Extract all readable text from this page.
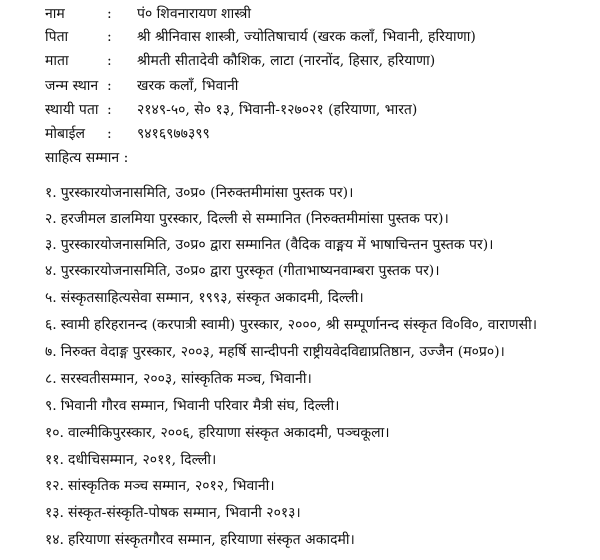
नाम	: पं० शिवनारायण शास्त्री
पिता	: श्री श्रीनिवास शास्त्री, ज्योतिषाचार्य (खरक कलाँ, भिवानी, हरियाणा)
माता	: श्रीमती सीतादेवी कौशिक, लाटा (नारनोंद, हिसार, हरियाणा)
जन्म स्थान : खरक कलाँ, भिवानी
स्थायी पता : २१४९-५०, से० १३, भिवानी-१२७०२१ (हरियाणा, भारत)
मोबाईल : ९४१६९७७३९९
साहित्य सम्मान :
१. पुरस्कारयोजनासमिति, उ०प्र० (निरुक्तमीमांसा पुस्तक पर)।
२. हरजीमल डालमिया पुरस्कार, दिल्ली से सम्मानित (निरुक्तमीमांसा पुस्तक पर)।
३. पुरस्कारयोजनासमिति, उ०प्र० द्वारा सम्मानित (वैदिक वाङ्मय में भाषाचिन्तन पुस्तक पर)।
४. पुरस्कारयोजनासमिति, उ०प्र० द्वारा पुरस्कृत (गीताभाष्यनवाम्बरा पुस्तक पर)।
५. संस्कृतसाहित्यसेवा सम्मान, १९९३, संस्कृत अकादमी, दिल्ली।
६. स्वामी हरिहरानन्द (करपात्री स्वामी) पुरस्कार, २०००, श्री सम्पूर्णानन्द संस्कृत वि०वि०, वाराणसी।
७. निरुक्त वेदाङ्ग पुरस्कार, २००३, महर्षि सान्दीपनी राष्ट्रीयवेदविद्याप्रतिष्ठान, उज्जैन (म०प्र०)।
८. सरस्वतीसम्मान, २००३, सांस्कृतिक मञ्च, भिवानी।
९. भिवानी गौरव सम्मान, भिवानी परिवार मैत्री संघ, दिल्ली।
१०. वाल्मीकिपुरस्कार, २००६, हरियाणा संस्कृत अकादमी, पञ्चकूला।
११. दधीचिसम्मान, २०११, दिल्ली।
१२. सांस्कृतिक मञ्च सम्मान, २०१२, भिवानी।
१३. संस्कृत-संस्कृति-पोषक सम्मान, भिवानी २०१३।
१४. हरियाणा संस्कृतगौरव सम्मान, हरियाणा संस्कृत अकादमी।
